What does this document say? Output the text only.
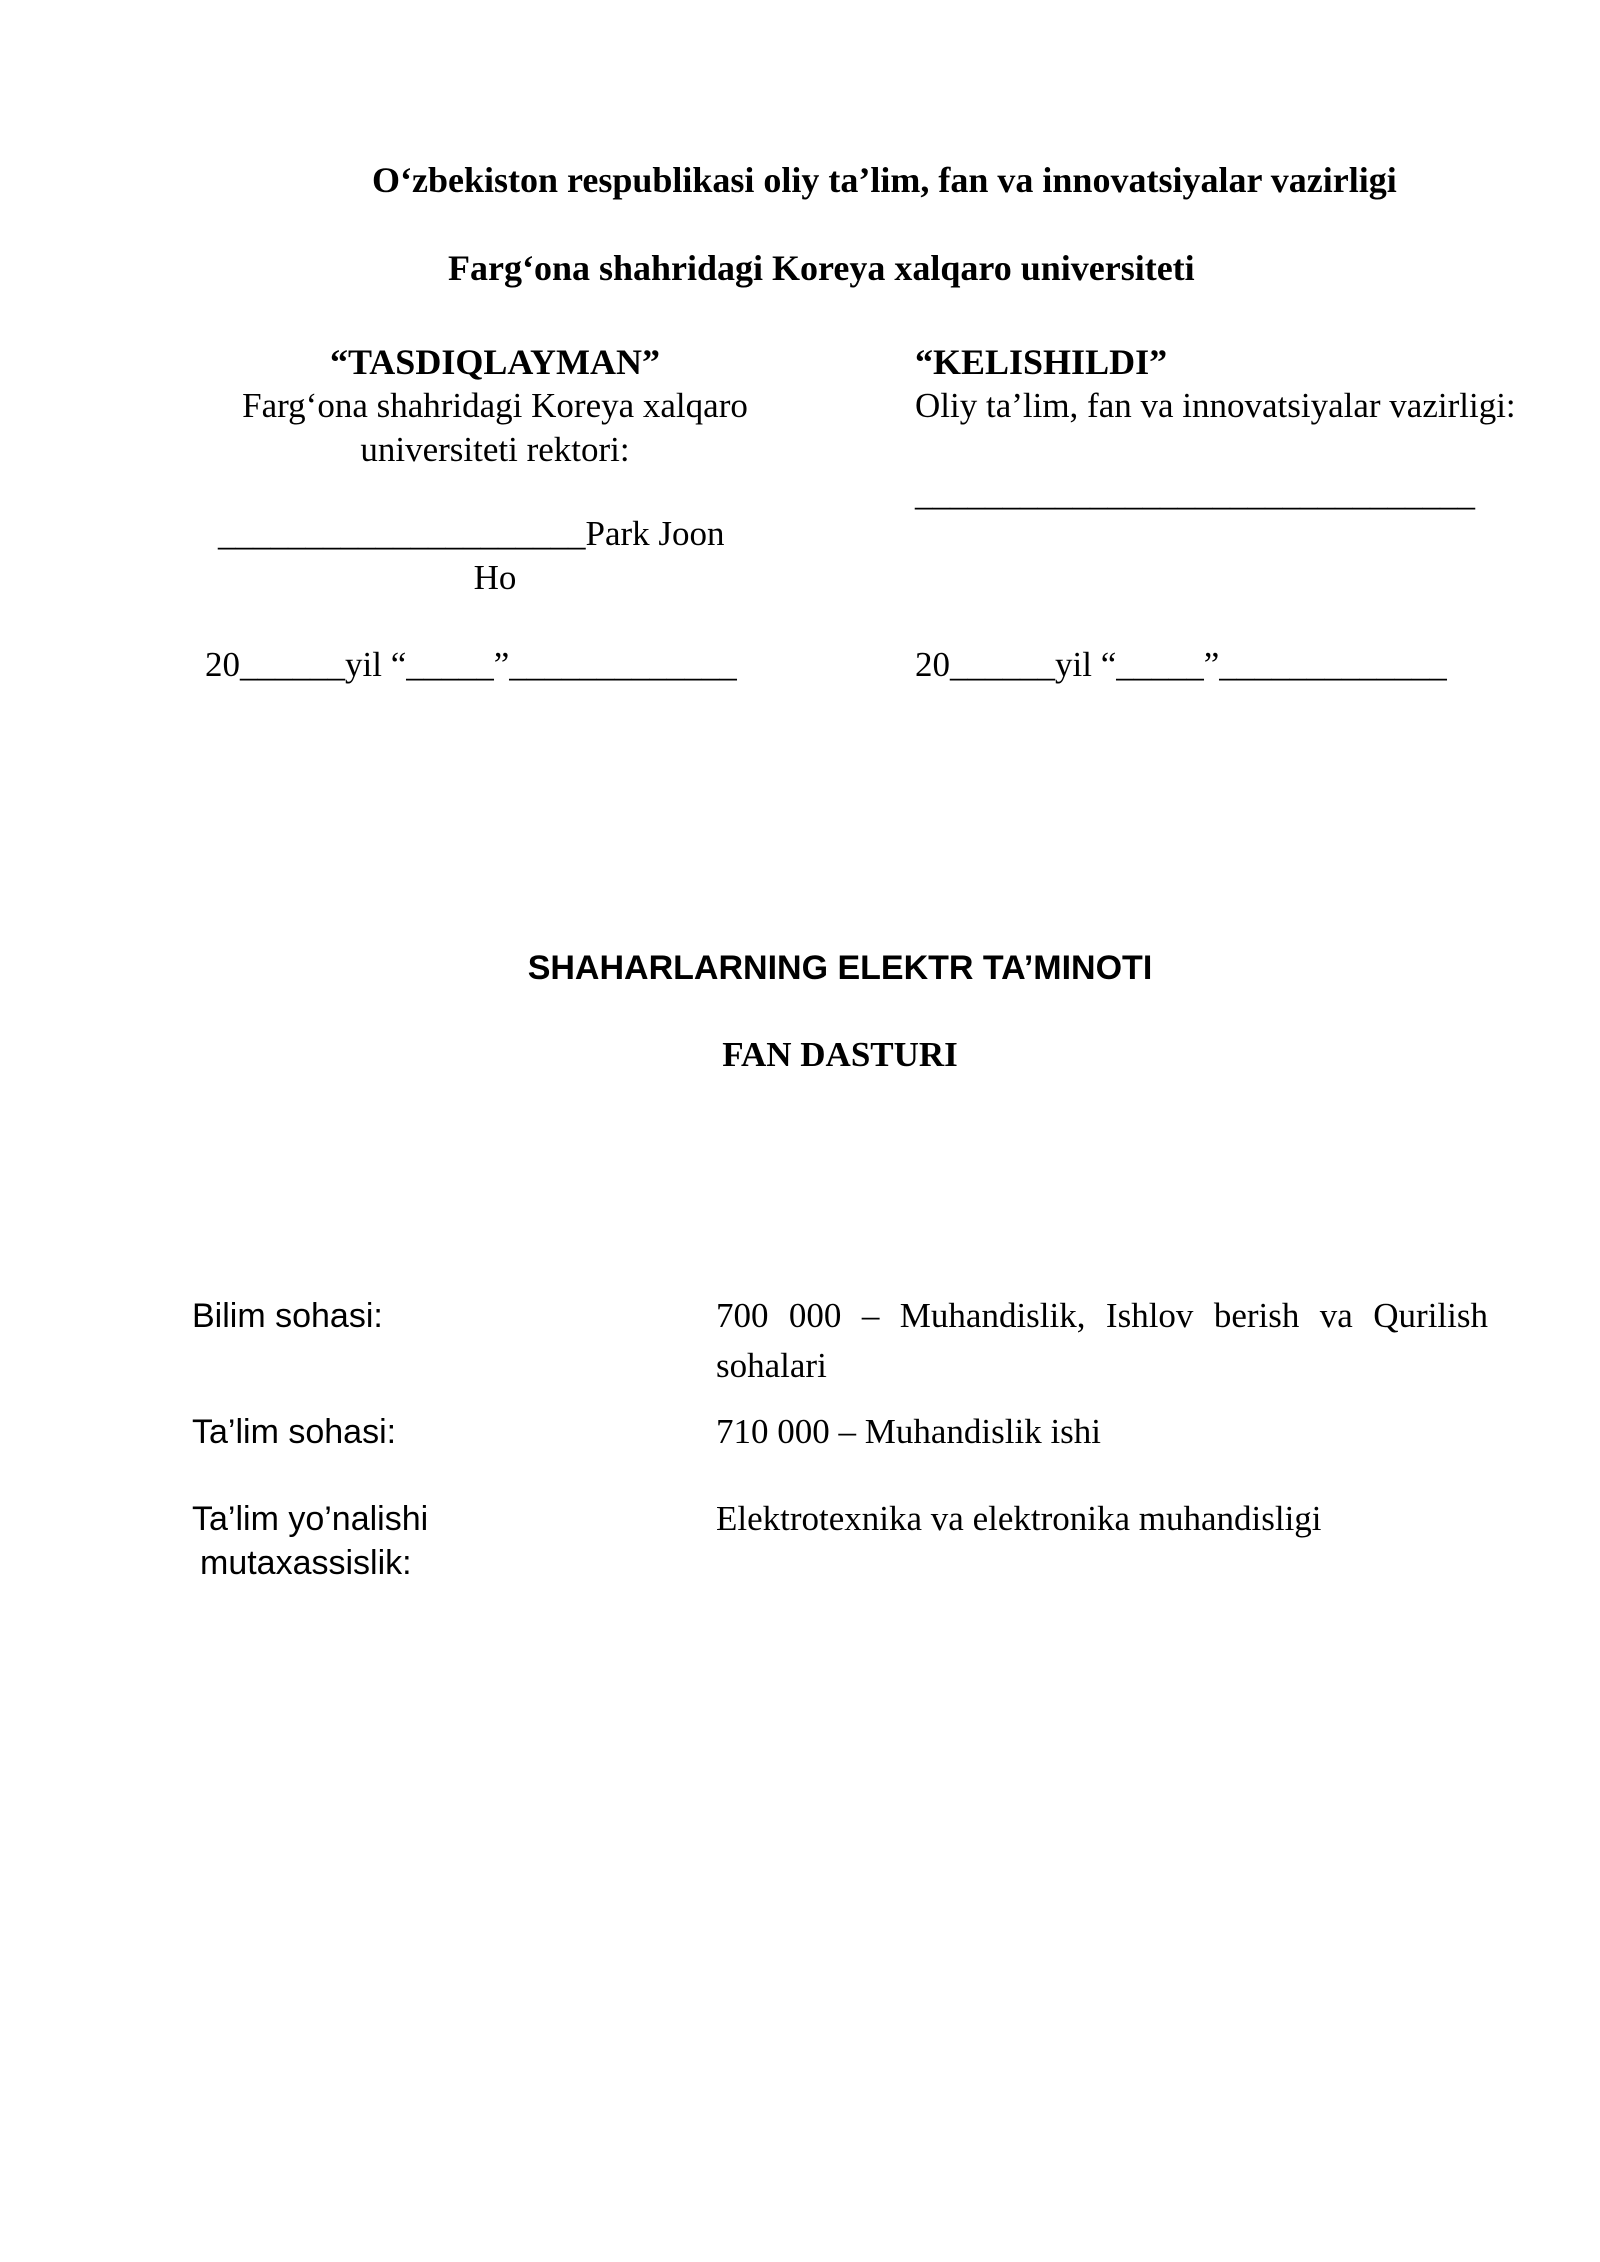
O‘zbekiston respublikasi oliy ta’lim, fan va innovatsiyalar vazirligi
Farg‘ona shahridagi Koreya xalqaro universiteti
“TASDIQLAYMAN”
Farg‘ona shahridagi Koreya xalqaro
universiteti rektori:
_____________________Park Joon
Ho
20______yil “_____”_____________
“KELISHILDI”
Oliy ta’lim, fan va innovatsiyalar vazirligi:
________________________________
20______yil “_____”_____________
SHAHARLARNING ELEKTR TA’MINOTI
FAN DASTURI
Bilim sohasi:	700 000 – Muhandislik, Ishlov berish va Qurilish sohalari
Ta’lim sohasi:	710 000 – Muhandislik ishi
Ta’lim yo’nalishi
mutaxassislik:
Elektrotexnika va elektronika muhandisligi
